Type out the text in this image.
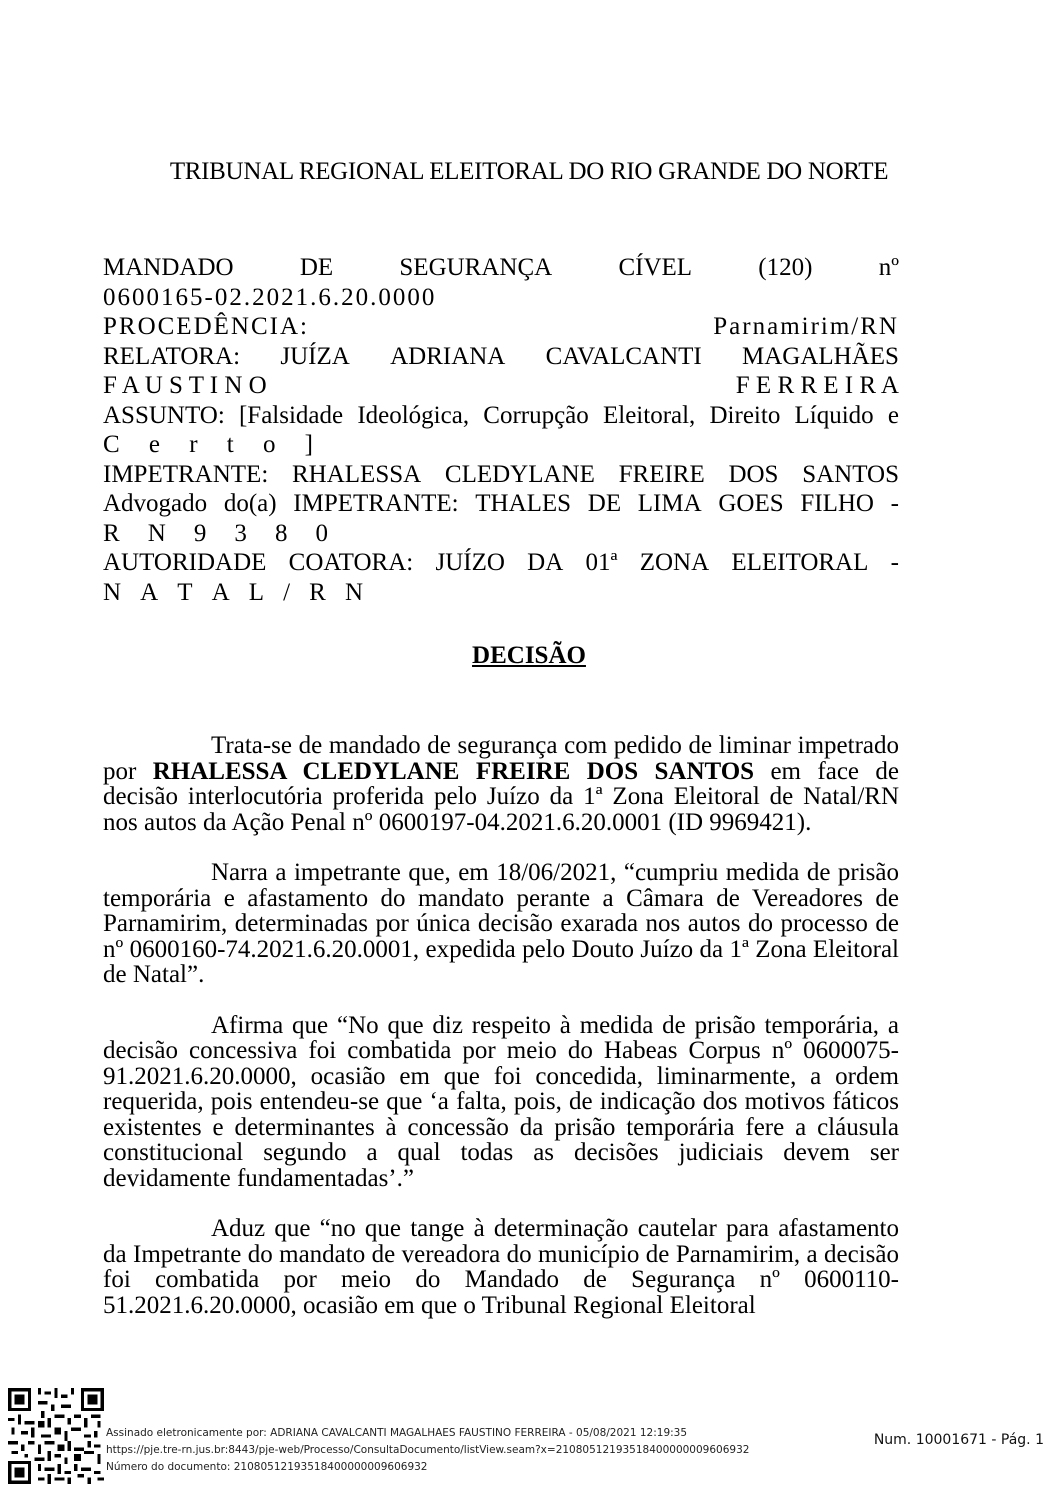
TRIBUNAL REGIONAL ELEITORAL DO RIO GRANDE DO NORTE
MANDADO	DE	SEGURANÇA	CÍVEL	(120)	nº
0600165-02.2021.6.20.0000
PROCEDÊNCIA:	Parnamirim/RN
RELATORA: JUÍZA ADRIANA CAVALCANTI MAGALHÃES
F A U S T I N O	F E R R E I R A
ASSUNTO: [Falsidade Ideológica, Corrupção Eleitoral, Direito Líquido e
C e r t o ]
IMPETRANTE: RHALESSA CLEDYLANE FREIRE DOS SANTOS
Advogado do(a) IMPETRANTE: THALES DE LIMA GOES FILHO -
R N 9 3 8 0
AUTORIDADE COATORA: JUÍZO DA 01ª ZONA ELEITORAL -
N A T A L / R N
DECISÃO

Trata-se de mandado de segurança com pedido de liminar impetrado por RHALESSA CLEDYLANE FREIRE DOS SANTOS em face de decisão interlocutória proferida pelo Juízo da 1ª Zona Eleitoral de Natal/RN nos autos da Ação Penal nº 0600197-04.2021.6.20.0001 (ID 9969421).

Narra a impetrante que, em 18/06/2021, “cumpriu medida de prisão temporária e afastamento do mandato perante a Câmara de Vereadores de Parnamirim, determinadas por única decisão exarada nos autos do processo de nº 0600160-74.2021.6.20.0001, expedida pelo Douto Juízo da 1ª Zona Eleitoral de Natal”.

Afirma que “No que diz respeito à medida de prisão temporária, a decisão concessiva foi combatida por meio do Habeas Corpus nº 0600075-91.2021.6.20.0000, ocasião em que foi concedida, liminarmente, a ordem requerida, pois entendeu-se que ‘a falta, pois, de indicação dos motivos fáticos existentes e determinantes à concessão da prisão temporária fere a cláusula constitucional segundo a qual todas as decisões judiciais devem ser devidamente fundamentadas’.”

Aduz que “no que tange à determinação cautelar para afastamento da Impetrante do mandato de vereadora do município de Parnamirim, a decisão foi combatida por meio do Mandado de Segurança nº 0600110-51.2021.6.20.0000, ocasião em que o Tribunal Regional Eleitoral

Assinado eletronicamente por: ADRIANA CAVALCANTI MAGALHAES FAUSTINO FERREIRA - 05/08/2021 12:19:35
https://pje.tre-rn.jus.br:8443/pje-web/Processo/ConsultaDocumento/listView.seam?x=21080512193518400000009606932
Número do documento: 21080512193518400000009606932
Num. 10001671 - Pág. 1
